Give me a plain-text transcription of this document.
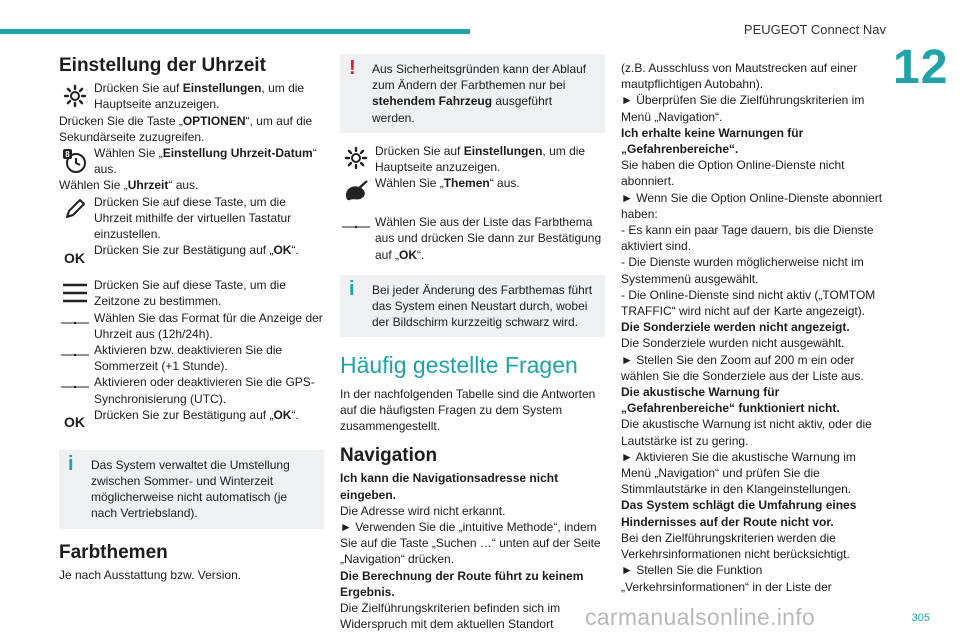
PEUGEOT Connect Nav
12
Einstellung der Uhrzeit

Drücken Sie auf Einstellungen, um die Hauptseite anzuzeigen.

Drücken Sie die Taste „OPTIONEN“, um auf die Sekundärseite zuzugreifen.

8 Wählen Sie „Einstellung Uhrzeit-Datum“ aus.

Wählen Sie „Uhrzeit“ aus.

Drücken Sie auf diese Taste, um die Uhrzeit mithilfe der virtuellen Tastatur einzustellen.

OK Drücken Sie zur Bestätigung auf „OK“.

Drücken Sie auf diese Taste, um die Zeitzone zu bestimmen.

Wählen Sie das Format für die Anzeige der Uhrzeit aus (12h/24h).

Aktivieren bzw. deaktivieren Sie die Sommerzeit (+1 Stunde).

Aktivieren oder deaktivieren Sie die GPS-Synchronisierung (UTC).

OK Drücken Sie zur Bestätigung auf „OK“.

i	Das System verwaltet die Umstellung zwischen Sommer- und Winterzeit möglicherweise nicht automatisch (je nach Vertriebsland).

Farbthemen

Je nach Ausstattung bzw. Version.

!	Aus Sicherheitsgründen kann der Ablauf zum Ändern der Farbthemen nur bei stehendem Fahrzeug ausgeführt werden.

Drücken Sie auf Einstellungen, um die Hauptseite anzuzeigen.

Wählen Sie „Themen“ aus.

Wählen Sie aus der Liste das Farbthema aus und drücken Sie dann zur Bestätigung auf „OK“.

i	Bei jeder Änderung des Farbthemas führt das System einen Neustart durch, wobei der Bildschirm kurzzeitig schwarz wird.

Häufig gestellte Fragen

In der nachfolgenden Tabelle sind die Antworten auf die häufigsten Fragen zu dem System zusammengestellt.

Navigation

Ich kann die Navigationsadresse nicht eingeben.

Die Adresse wird nicht erkannt.

► Verwenden Sie die „intuitive Methode“, indem Sie auf die Taste „Suchen …“ unten auf der Seite „Navigation“ drücken.

Die Berechnung der Route führt zu keinem Ergebnis.

Die Zielführungskriterien befinden sich im Widerspruch mit dem aktuellen Standort

(z.B. Ausschluss von Mautstrecken auf einer mautpflichtigen Autobahn).

► Überprüfen Sie die Zielführungskriterien im Menü „Navigation“.

Ich erhalte keine Warnungen für „Gefahrenbereiche“.

Sie haben die Option Online-Dienste nicht abonniert.

► Wenn Sie die Option Online-Dienste abonniert haben:

- Es kann ein paar Tage dauern, bis die Dienste aktiviert sind.

- Die Dienste wurden möglicherweise nicht im Systemmenü ausgewählt.

- Die Online-Dienste sind nicht aktiv („TOMTOM TRAFFIC“ wird nicht auf der Karte angezeigt).

Die Sonderziele werden nicht angezeigt.

Die Sonderziele wurden nicht ausgewählt.

► Stellen Sie den Zoom auf 200 m ein oder wählen Sie die Sonderziele aus der Liste aus.

Die akustische Warnung für „Gefahrenbereiche“ funktioniert nicht.

Die akustische Warnung ist nicht aktiv, oder die Lautstärke ist zu gering.

► Aktivieren Sie die akustische Warnung im Menü „Navigation“ und prüfen Sie die Stimmlautstärke in den Klangeinstellungen.

Das System schlägt die Umfahrung eines Hindernisses auf der Route nicht vor.

Bei den Zielführungskriterien werden die Verkehrsinformationen nicht berücksichtigt.

► Stellen Sie die Funktion „Verkehrsinformationen“ in der Liste der

carmanualsonline.info	305
